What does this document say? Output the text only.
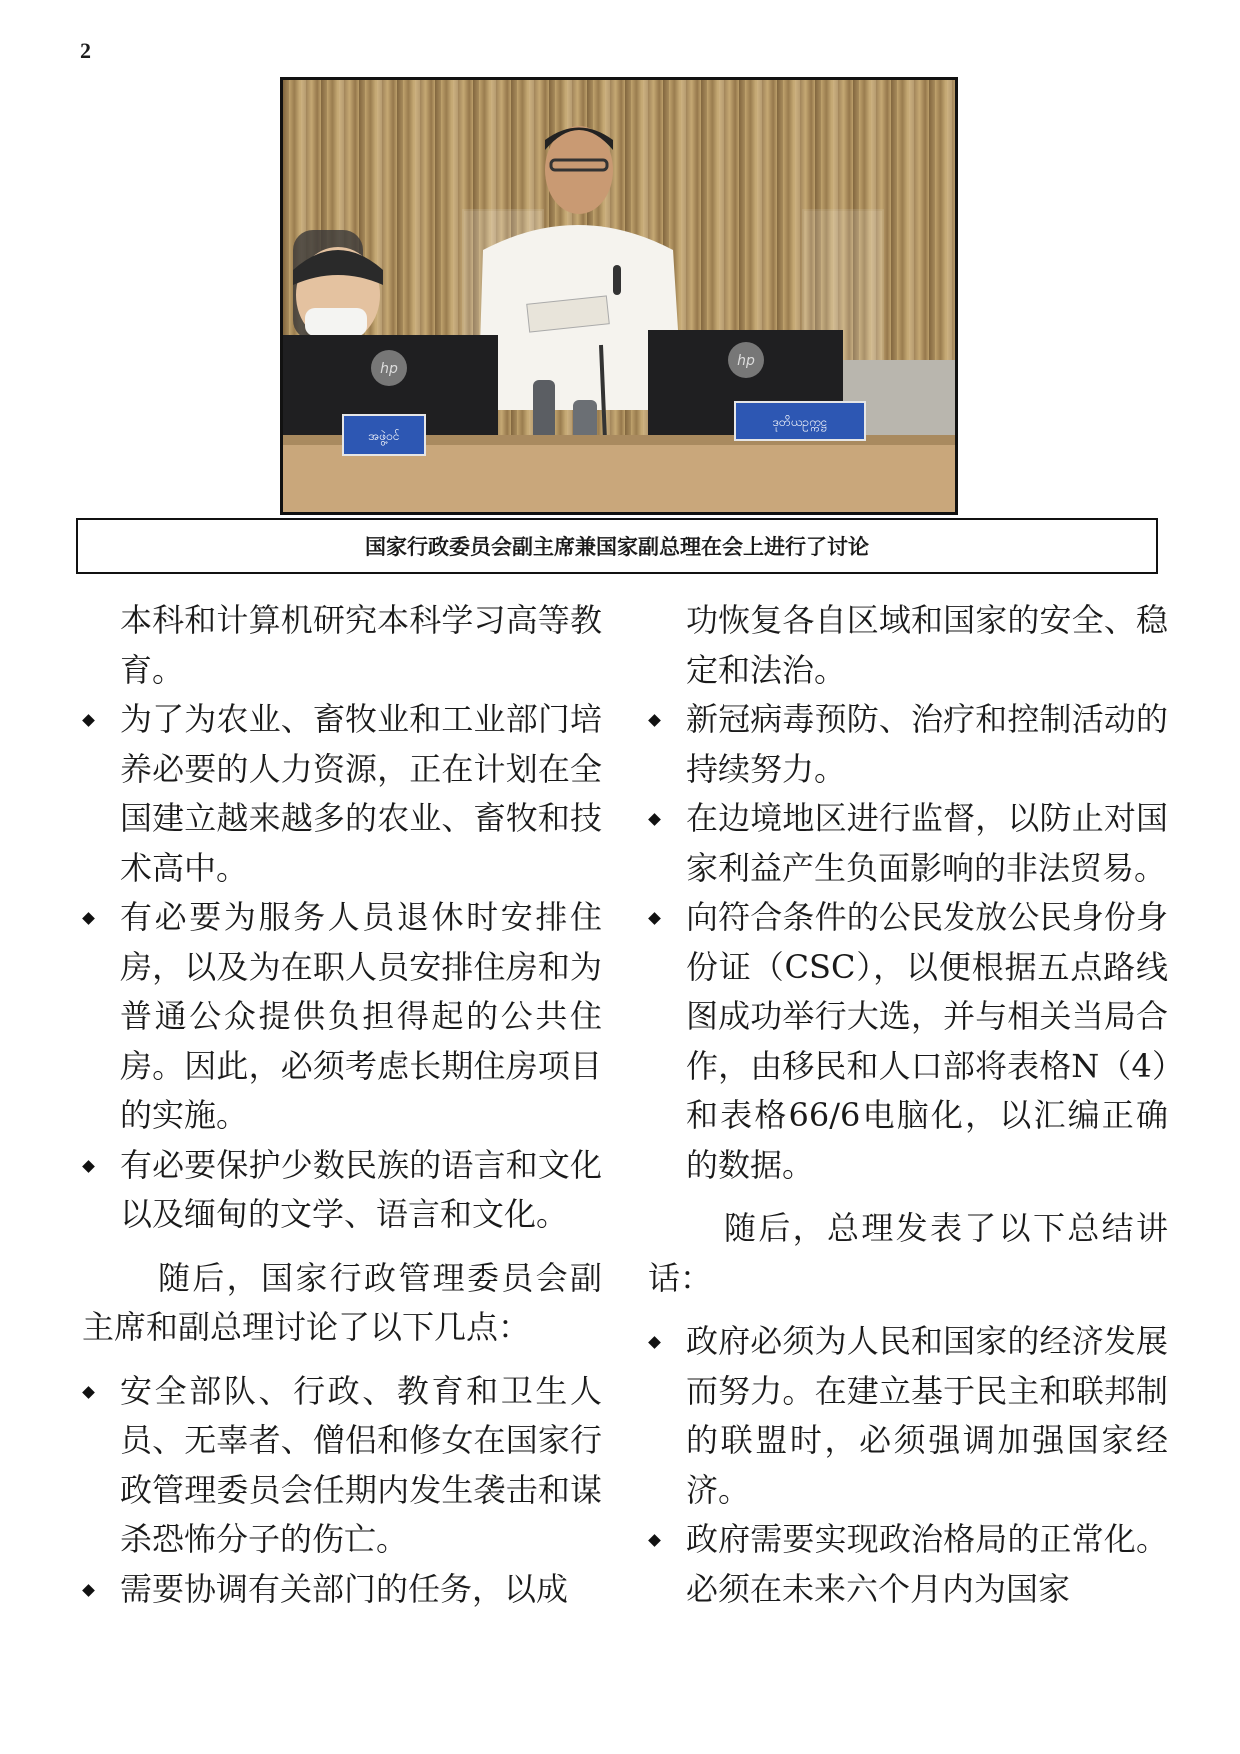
2
hp	hp
အဖွဲ့ဝင်
ဒုတိယဥက္ကဋ္ဌ
国家行政委员会副主席兼国家副总理在会上进行了讨论

本科和计算机研究本科学习高等教育。

为了为农业、畜牧业和工业部门培养必要的人力资源，正在计划在全国建立越来越多的农业、畜牧和技术高中。
有必要为服务人员退休时安排住房，以及为在职人员安排住房和为普通公众提供负担得起的公共住房。因此，必须考虑长期住房项目的实施。
有必要保护少数民族的语言和文化以及缅甸的文学、语言和文化。

随后，国家行政管理委员会副主席和副总理讨论了以下几点：

安全部队、行政、教育和卫生人员、无辜者、僧侣和修女在国家行政管理委员会任期内发生袭击和谋杀恐怖分子的伤亡。
需要协调有关部门的任务，以成

功恢复各自区域和国家的安全、稳定和法治。

新冠病毒预防、治疗和控制活动的持续努力。
在边境地区进行监督，以防止对国家利益产生负面影响的非法贸易。
向符合条件的公民发放公民身份身份证（CSC），以便根据五点路线图成功举行大选，并与相关当局合作，由移民和人口部将表格N（4）和表格66/6电脑化，以汇编正确的数据。

随后，总理发表了以下总结讲话：

政府必须为人民和国家的经济发展而努力。在建立基于民主和联邦制的联盟时，必须强调加强国家经济。
政府需要实现政治格局的正常化。必须在未来六个月内为国家
